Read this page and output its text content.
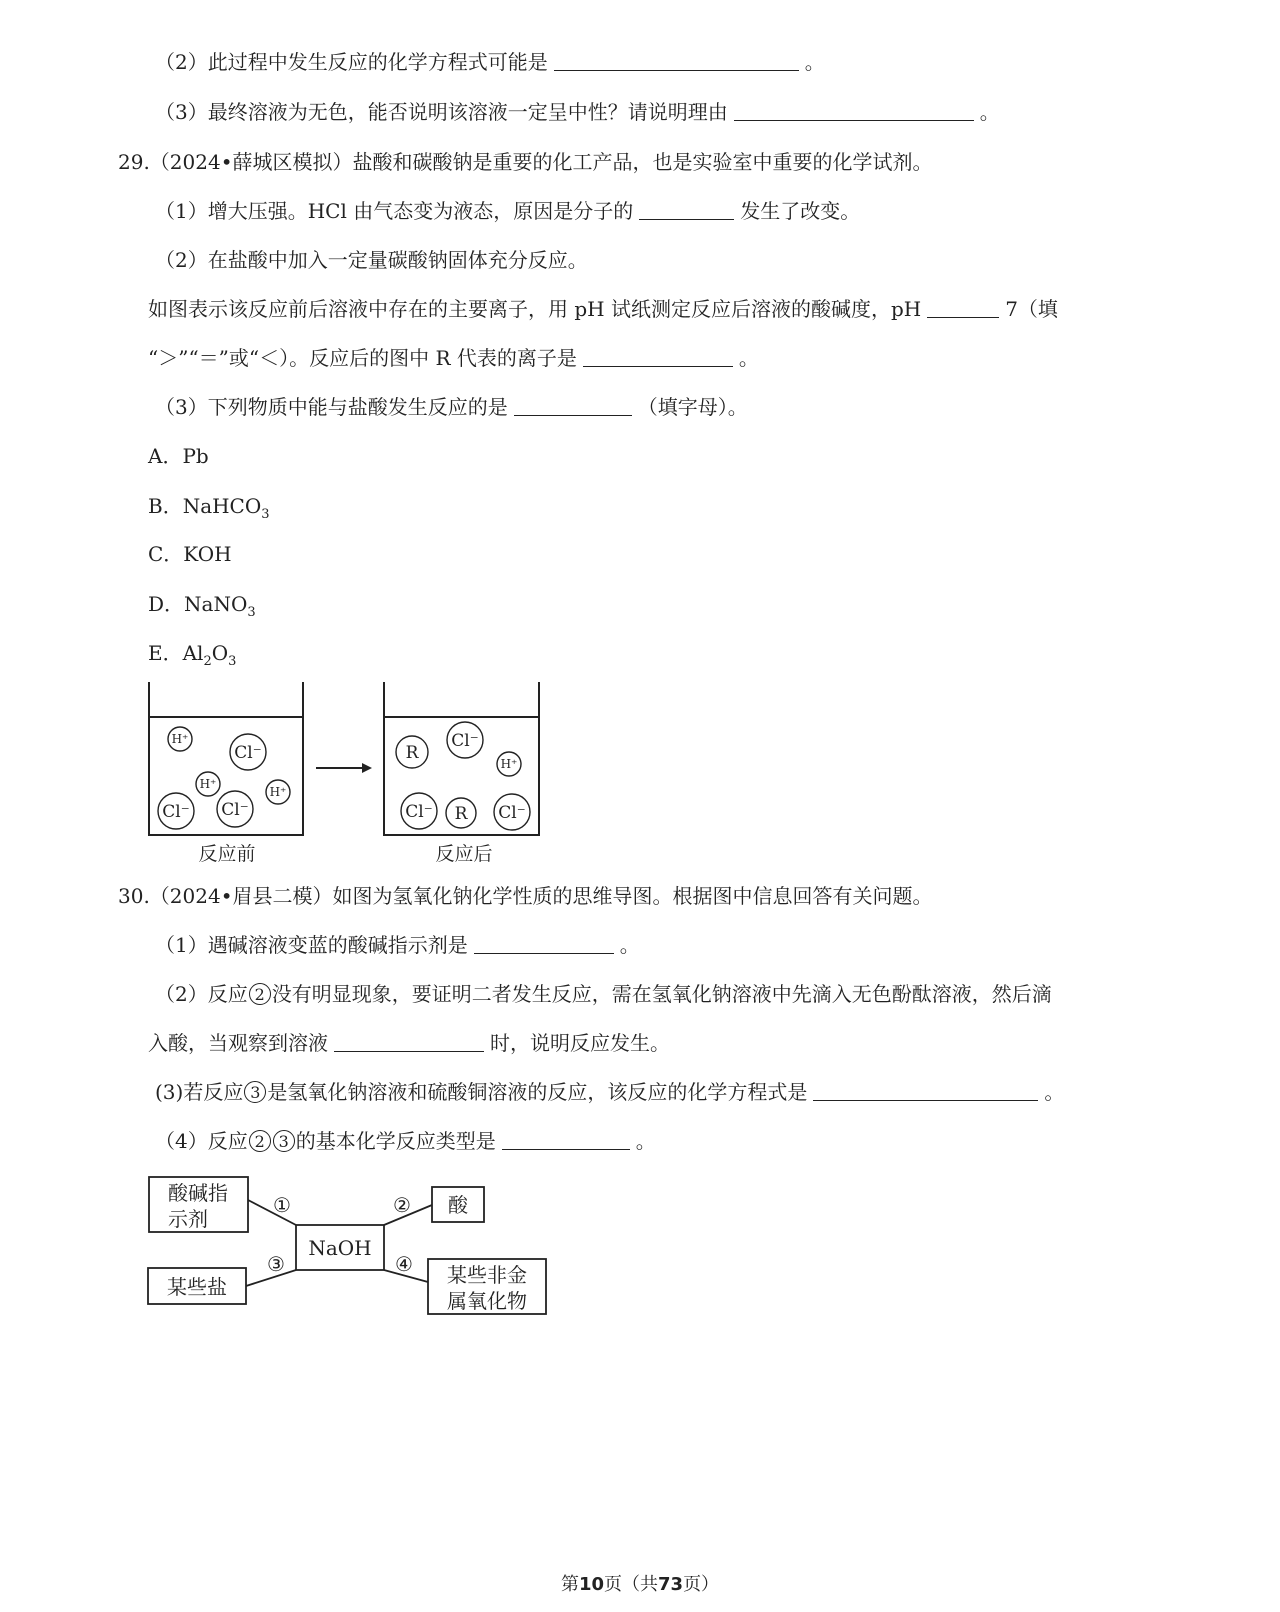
（2）此过程中发生反应的化学方程式可能是	。
（3）最终溶液为无色，能否说明该溶液一定呈中性？请说明理由	。
29.（2024•薛城区模拟）盐酸和碳酸钠是重要的化工产品，也是实验室中重要的化学试剂。
（1）增大压强。HCl 由气态变为液态，原因是分子的	发生了改变。
（2）在盐酸中加入一定量碳酸钠固体充分反应。
如图表示该反应前后溶液中存在的主要离子，用 pH 试纸测定反应后溶液的酸碱度，pH	7（填
“＞”“＝”或“＜）。反应后的图中 R 代表的离子是	。
（3）下列物质中能与盐酸发生反应的是	（填字母）。
A．Pb
B．NaHCO$_3$
C．KOH
D．NaNO$_3$
E．$Al_2O_3$
H⁺
H⁺
H⁺
H⁺
Cl⁻
Cl⁻ Cl⁻
Cl⁻
Cl⁻	Cl⁻
R
R
反应前	反应后
30.（2024•眉县二模）如图为氢氧化钠化学性质的思维导图。根据图中信息回答有关问题。
（1）遇碱溶液变蓝的酸碱指示剂是	。
（2）反应 2 没有明显现象，要证明二者发生反应，需在氢氧化钠溶液中先滴入无色酚酞溶液，然后滴
入酸，当观察到溶液	时，说明反应发生。
(3)若反应 3 是氢氧化钠溶液和硫酸铜溶液的反应，该反应的化学方程式是	。
（4）反应 2 3 的基本化学反应类型是	。
酸碱指
示剂
NaOH
酸
某些盐	某些非金
属氧化物
①	②
③	④
第10页（共73页）
